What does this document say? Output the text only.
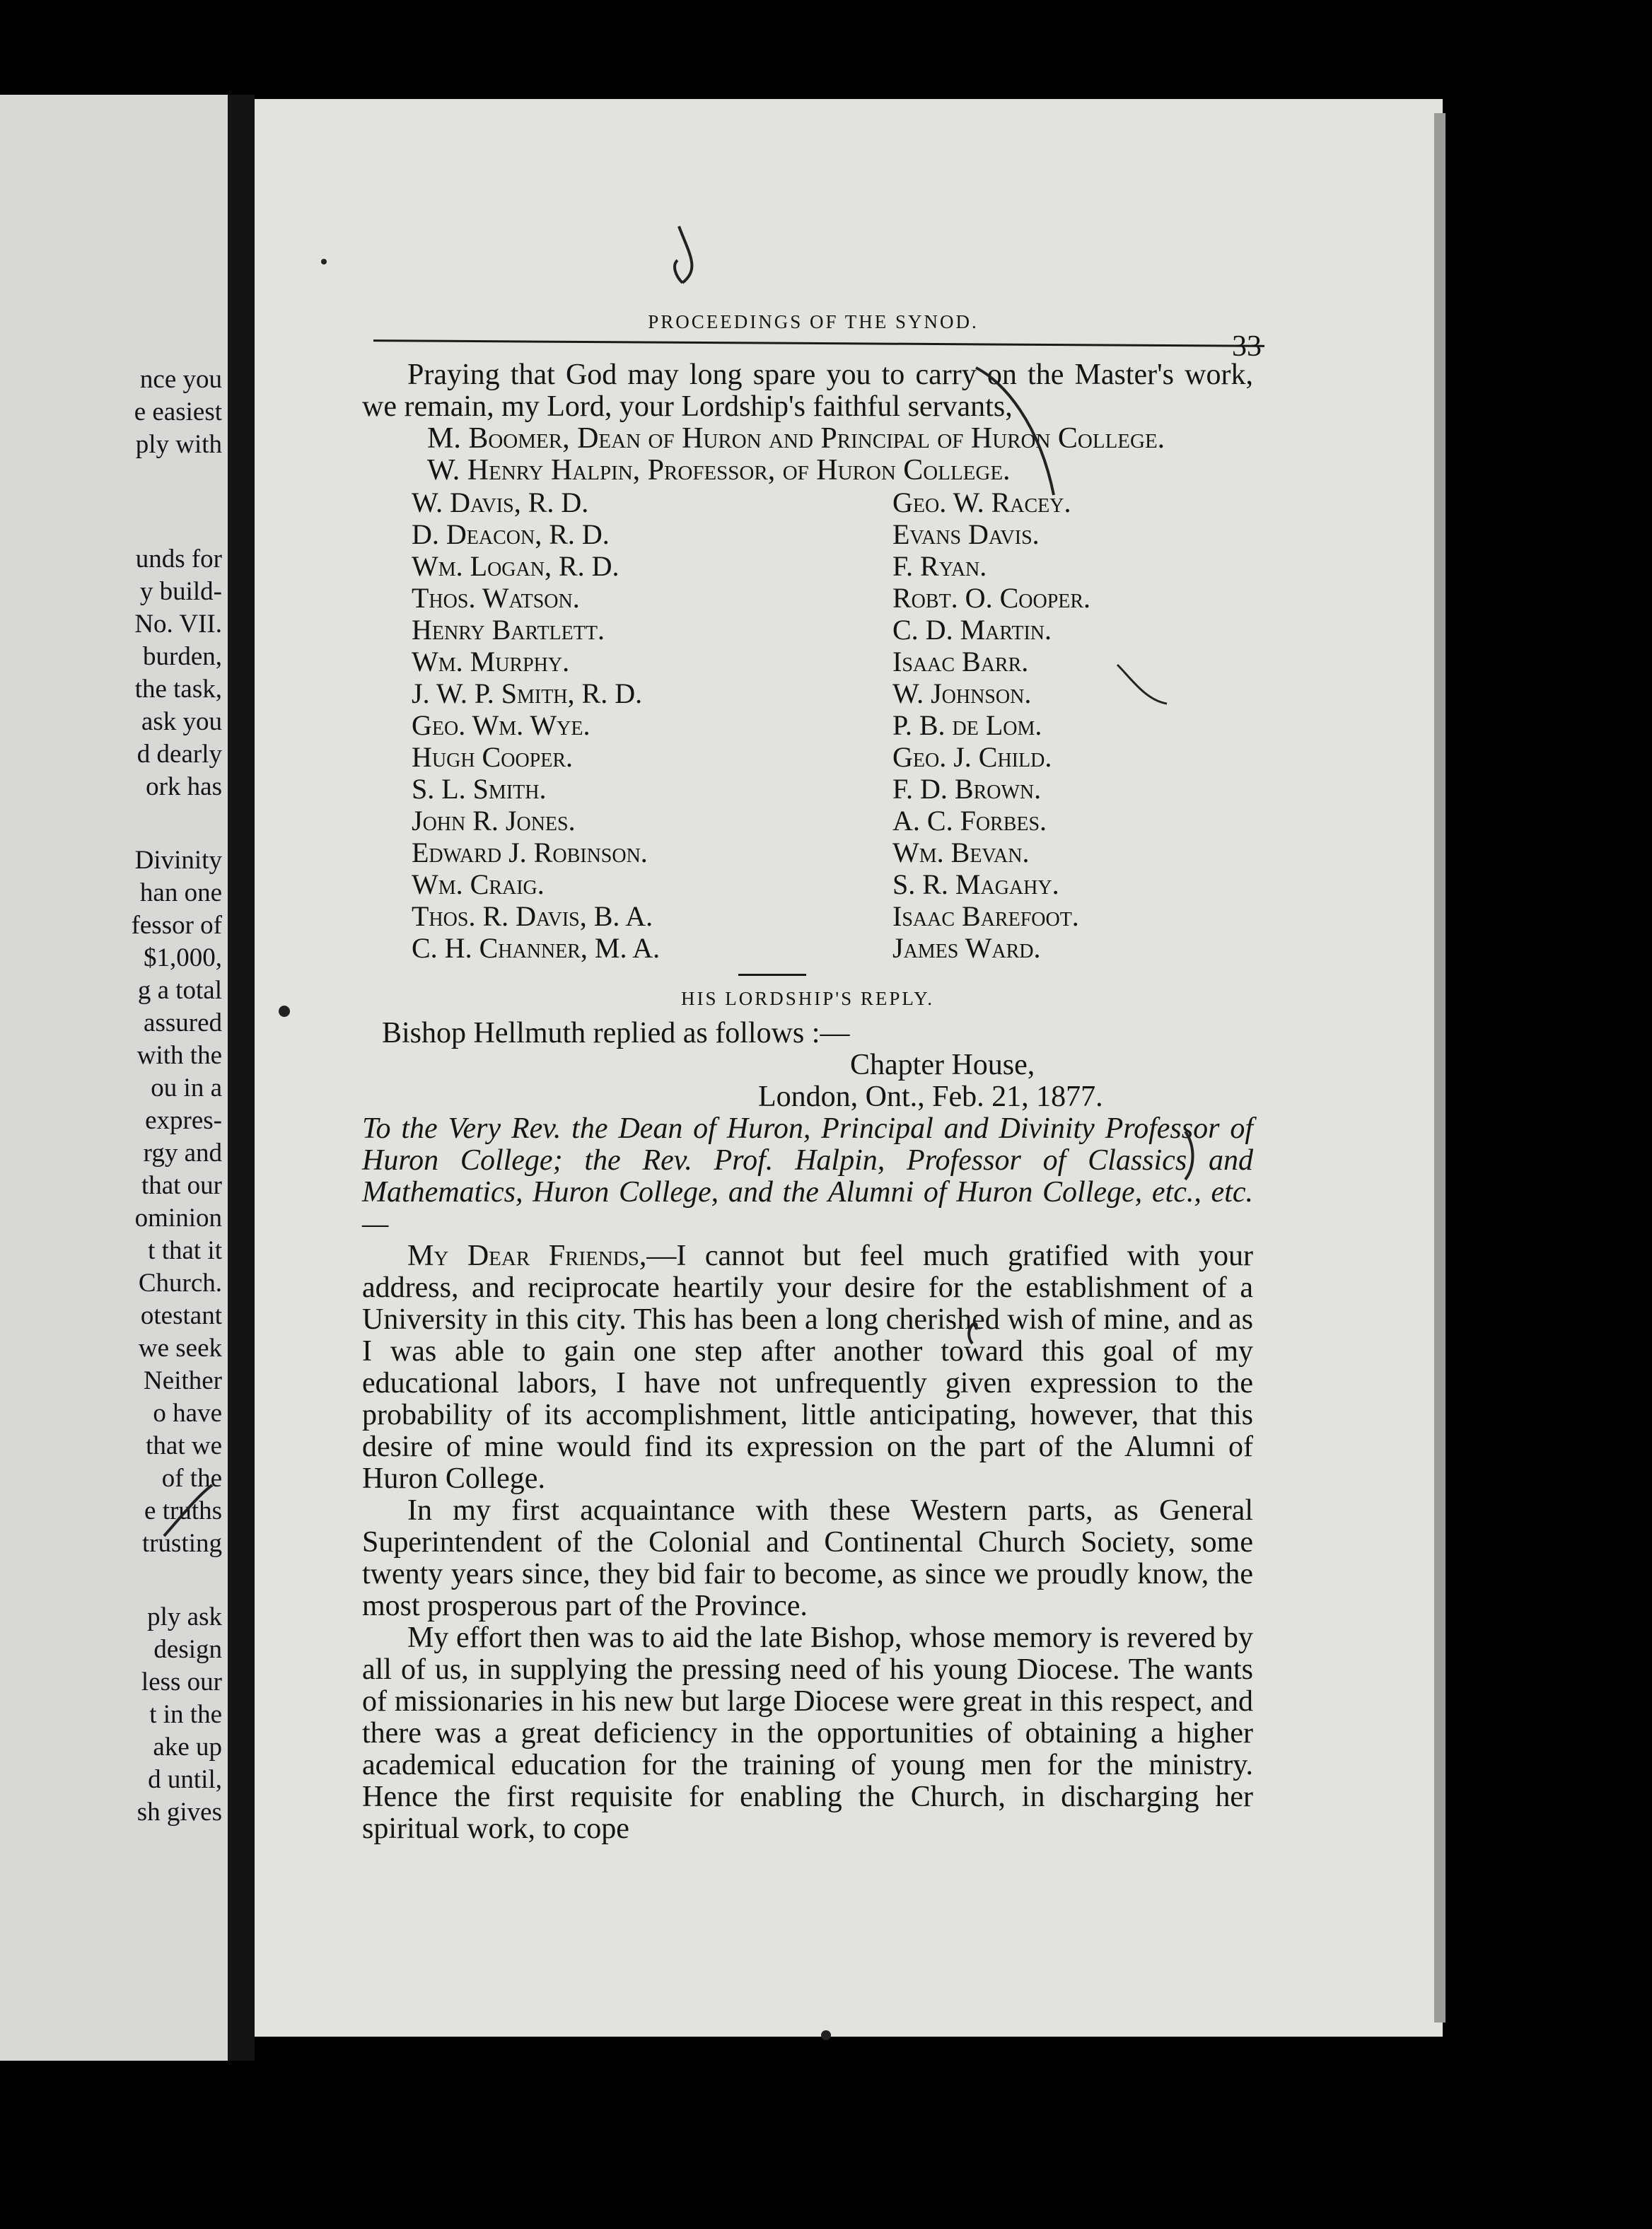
nce you
e easiest
ply with
unds for
y build-
No. VII.
burden,
the task,
ask you
d dearly
ork has
Divinity
han one
fessor of
$1,000,
g a total
assured
with the
ou in a
expres-
rgy and
that our
ominion
t that it
Church.
otestant
we seek
Neither
o have
that we
of the
e truths
trusting
ply ask
design
less our
t in the
ake up
d until,
sh gives
PROCEEDINGS OF THE SYNOD.
33

Praying that God may long spare you to carry on the Master's work, we remain, my Lord, your Lordship's faithful servants,

M. Boomer, Dean of Huron and Principal of Huron College.
W. Henry Halpin, Professor, of Huron College.
W. Davis, R. D.
D. Deacon, R. D.
Wm. Logan, R. D.
Thos. Watson.
Henry Bartlett.
Wm. Murphy.
J. W. P. Smith, R. D.
Geo. Wm. Wye.
Hugh Cooper.
S. L. Smith.
John R. Jones.
Edward J. Robinson.
Wm. Craig.
Thos. R. Davis, B. A.
C. H. Channer, M. A.
Geo. W. Racey.
Evans Davis.
F. Ryan.
Robt. O. Cooper.
C. D. Martin.
Isaac Barr.
W. Johnson.
P. B. de Lom.
Geo. J. Child.
F. D. Brown.
A. C. Forbes.
Wm. Bevan.
S. R. Magahy.
Isaac Barefoot.
James Ward.
HIS LORDSHIP'S REPLY.
Bishop Hellmuth replied as follows :—
Chapter House,
London, Ont., Feb. 21, 1877.

To the Very Rev. the Dean of Huron, Principal and Divinity Professor of Huron College; the Rev. Prof. Halpin, Professor of Classics and Mathematics, Huron College, and the Alumni of Huron College, etc., etc.—

My Dear Friends,—I cannot but feel much gratified with your address, and reciprocate heartily your desire for the establishment of a University in this city. This has been a long cherished wish of mine, and as I was able to gain one step after another toward this goal of my educational labors, I have not unfrequently given expression to the probability of its accomplishment, little anticipating, however, that this desire of mine would find its expression on the part of the Alumni of Huron College.

In my first acquaintance with these Western parts, as General Superintendent of the Colonial and Continental Church Society, some twenty years since, they bid fair to become, as since we proudly know, the most prosperous part of the Province.

My effort then was to aid the late Bishop, whose memory is revered by all of us, in supplying the pressing need of his young Diocese. The wants of missionaries in his new but large Diocese were great in this respect, and there was a great deficiency in the opportunities of obtaining a higher academical education for the training of young men for the ministry. Hence the first requisite for enabling the Church, in discharging her spiritual work, to cope
